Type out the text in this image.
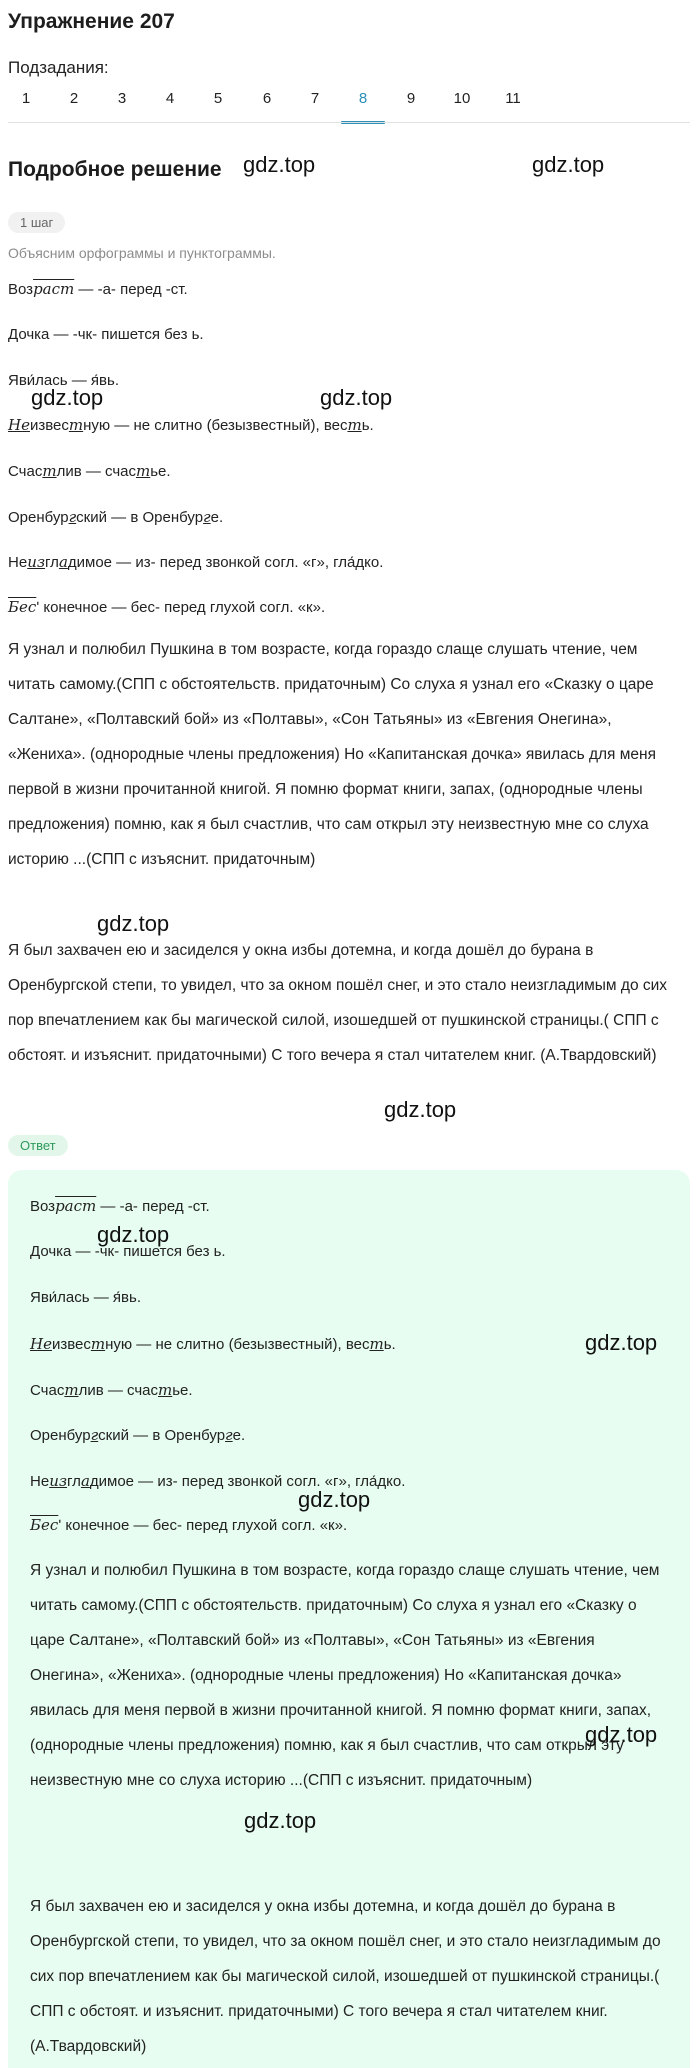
Упражнение 207
Подзадания:
1	2	3	4	5	6	7	8	9	10	11
Подробное решение
1 шаг
Объясним орфограммы и пунктограммы.
Возраст — -а- перед -ст.
Дочка — -чк- пишется без ь.
Яви́лась — я́вь.
Неизвестную — не слитно (безызвестный), весть.
Счастлив — счастье.
Оренбургский — в Оренбурге.
Неизгладимое — из- перед звонкой согл. «г», гла́дко.
Бесʹ конечное — бес- перед глухой согл. «к».
Я узнал и полюбил Пушкина в том возрасте, когда гораздо слаще слушать чтение, чем читать самому.(СПП с обстоятельств. придаточным) Со слуха я узнал его «Сказку о царе Салтане», «Полтавский бой» из «Полтавы», «Сон Татьяны» из «Евгения Онегина», «Жениха». (однородные члены предложения) Но «Капитанская дочка» явилась для меня первой в жизни прочитанной книгой. Я помню формат книги, запах, (однородные члены предложения) помню, как я был счастлив, что сам открыл эту неизвестную мне со слуха историю ...(СПП с изъяснит. придаточным)
Я был захвачен ею и засиделся у окна избы дотемна, и когда дошёл до бурана в Оренбургской степи, то увидел, что за окном пошёл снег, и это стало неизгладимым до сих пор впечатлением как бы магической силой, изошедшей от пушкинской страницы.( СПП с обстоят. и изъяснит. придаточными) С того вечера я стал читателем книг. (А.Твардовский)
Ответ
Возраст — -а- перед -ст.
Дочка — -чк- пишется без ь.
Яви́лась — я́вь.
Неизвестную — не слитно (безызвестный), весть.
Счастлив — счастье.
Оренбургский — в Оренбурге.
Неизгладимое — из- перед звонкой согл. «г», гла́дко.
Бесʹ конечное — бес- перед глухой согл. «к».
Я узнал и полюбил Пушкина в том возрасте, когда гораздо слаще слушать чтение, чем читать самому.(СПП с обстоятельств. придаточным) Со слуха я узнал его «Сказку о царе Салтане», «Полтавский бой» из «Полтавы», «Сон Татьяны» из «Евгения Онегина», «Жениха». (однородные члены предложения) Но «Капитанская дочка» явилась для меня первой в жизни прочитанной книгой. Я помню формат книги, запах, (однородные члены предложения) помню, как я был счастлив, что сам открыл эту неизвестную мне со слуха историю ...(СПП с изъяснит. придаточным)
Я был захвачен ею и засиделся у окна избы дотемна, и когда дошёл до бурана в Оренбургской степи, то увидел, что за окном пошёл снег, и это стало неизгладимым до сих пор впечатлением как бы магической силой, изошедшей от пушкинской страницы.( СПП с обстоят. и изъяснит. придаточными) С того вечера я стал читателем книг. (А.Твардовский)
gdz.top	gdz.top
gdz.top	gdz.top
gdz.top
gdz.top
gdz.top
gdz.top
gdz.top
gdz.top
gdz.top
